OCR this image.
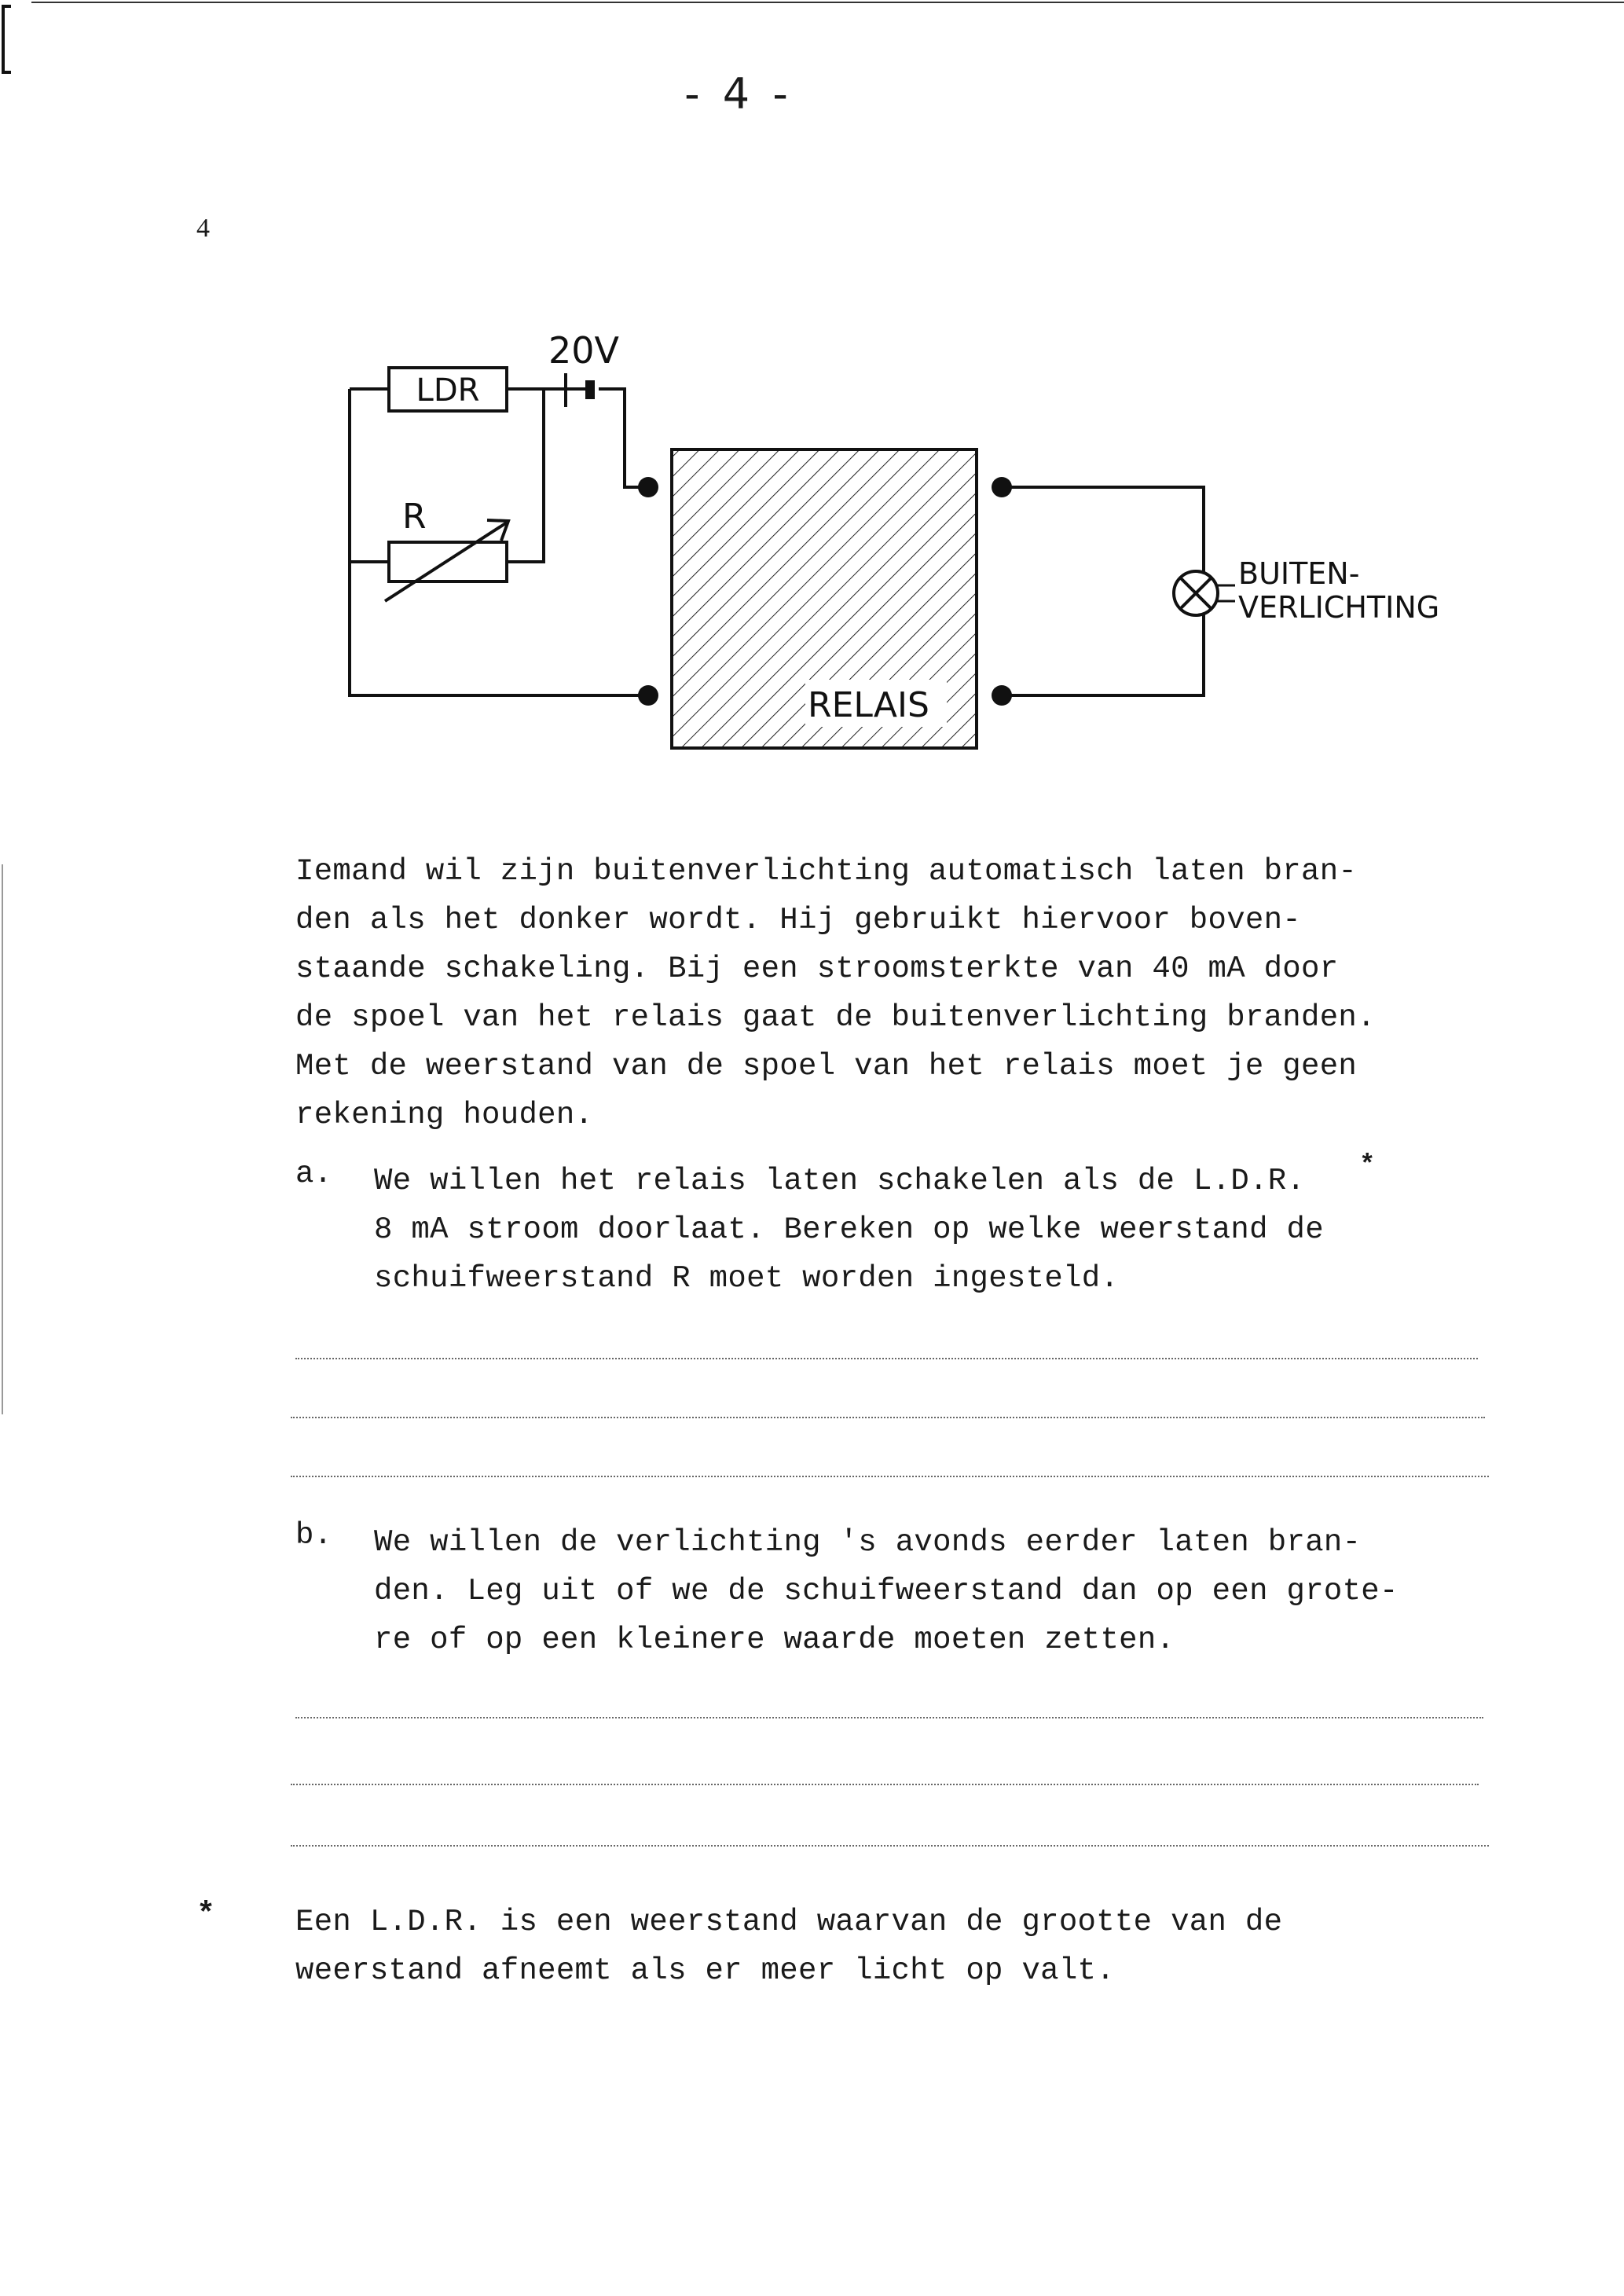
- 4 -
4
LDR
20V
R
RELAIS
BUITEN-
VERLICHTING
Iemand wil zijn buitenverlichting automatisch laten bran-
den als het donker wordt. Hij gebruikt hiervoor boven-
staande schakeling. Bij een stroomsterkte van 40 mA door
de spoel van het relais gaat de buitenverlichting branden.
Met de weerstand van de spoel van het relais moet je geen
rekening houden.
a. We willen het relais laten schakelen als de L.D.R.
8 mA stroom doorlaat. Bereken op welke weerstand de
schuifweerstand R moet worden ingesteld.
*
b. We willen de verlichting 's avonds eerder laten bran-
den. Leg uit of we de schuifweerstand dan op een grote-
re of op een kleinere waarde moeten zetten.
*	Een L.D.R. is een weerstand waarvan de grootte van de
weerstand afneemt als er meer licht op valt.
